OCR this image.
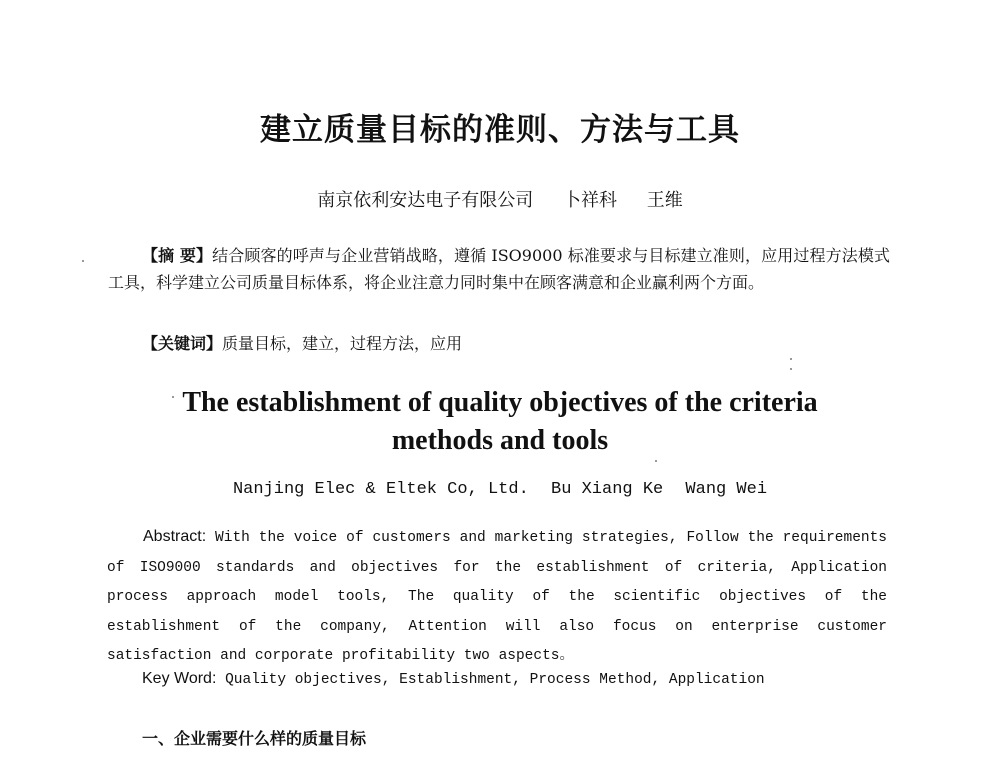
建立质量目标的准则、方法与工具
南京依利安达电子有限公司 卜祥科 王维
【摘 要】结合顾客的呼声与企业营销战略，遵循 ISO9000 标准要求与目标建立准则，应用过程方法模式工具，科学建立公司质量目标体系，将企业注意力同时集中在顾客满意和企业赢利两个方面。
【关键词】质量目标，建立，过程方法，应用
The establishment of quality objectives of the criteria
methods and tools
Nanjing Elec & Eltek Co, Ltd. Bu Xiang Ke Wang Wei
Abstract: With the voice of customers and marketing strategies, Follow the requirements of ISO9000 standards and objectives for the establishment of criteria, Application process approach model tools, The quality of the scientific objectives of the establishment of the company, Attention will also focus on enterprise customer satisfaction and corporate profitability two aspects。
Key Word: Quality objectives, Establishment, Process Method, Application
一、企业需要什么样的质量目标
